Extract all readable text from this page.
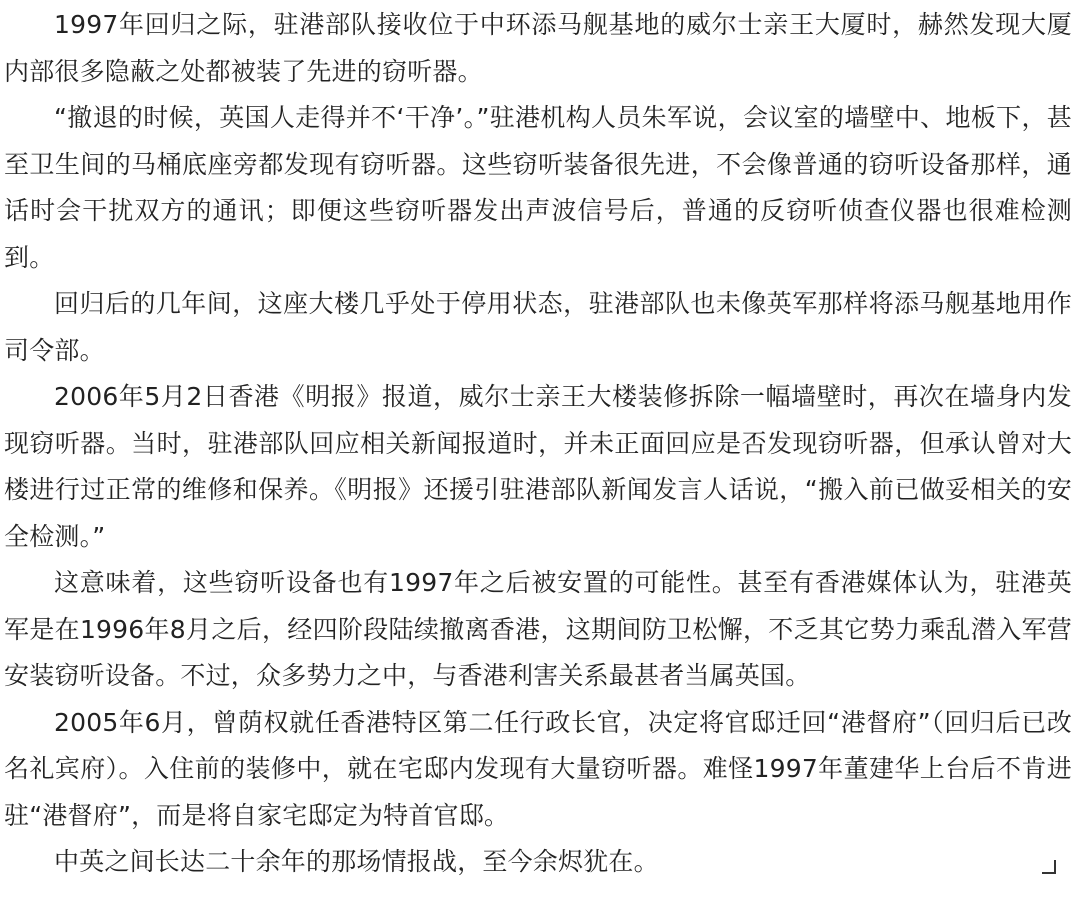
1997年回归之际，驻港部队接收位于中环添马舰基地的威尔士亲王大厦时，赫然发现大厦内部很多隐蔽之处都被装了先进的窃听器。

“撤退的时候，英国人走得并不‘干净’。”驻港机构人员朱军说，会议室的墙壁中、地板下，甚至卫生间的马桶底座旁都发现有窃听器。这些窃听装备很先进，不会像普通的窃听设备那样，通话时会干扰双方的通讯；即便这些窃听器发出声波信号后，普通的反窃听侦查仪器也很难检测到。

回归后的几年间，这座大楼几乎处于停用状态，驻港部队也未像英军那样将添马舰基地用作司令部。

2006年5月2日香港《明报》报道，威尔士亲王大楼装修拆除一幅墙壁时，再次在墙身内发现窃听器。当时，驻港部队回应相关新闻报道时，并未正面回应是否发现窃听器，但承认曾对大楼进行过正常的维修和保养。《明报》还援引驻港部队新闻发言人话说，“搬入前已做妥相关的安全检测。”

这意味着，这些窃听设备也有1997年之后被安置的可能性。甚至有香港媒体认为，驻港英军是在1996年8月之后，经四阶段陆续撤离香港，这期间防卫松懈，不乏其它势力乘乱潜入军营安装窃听设备。不过，众多势力之中，与香港利害关系最甚者当属英国。

2005年6月，曾荫权就任香港特区第二任行政长官，决定将官邸迁回“港督府”（回归后已改名礼宾府）。入住前的装修中，就在宅邸内发现有大量窃听器。难怪1997年董建华上台后不肯进驻“港督府”，而是将自家宅邸定为特首官邸。

中英之间长达二十余年的那场情报战，至今余烬犹在。
